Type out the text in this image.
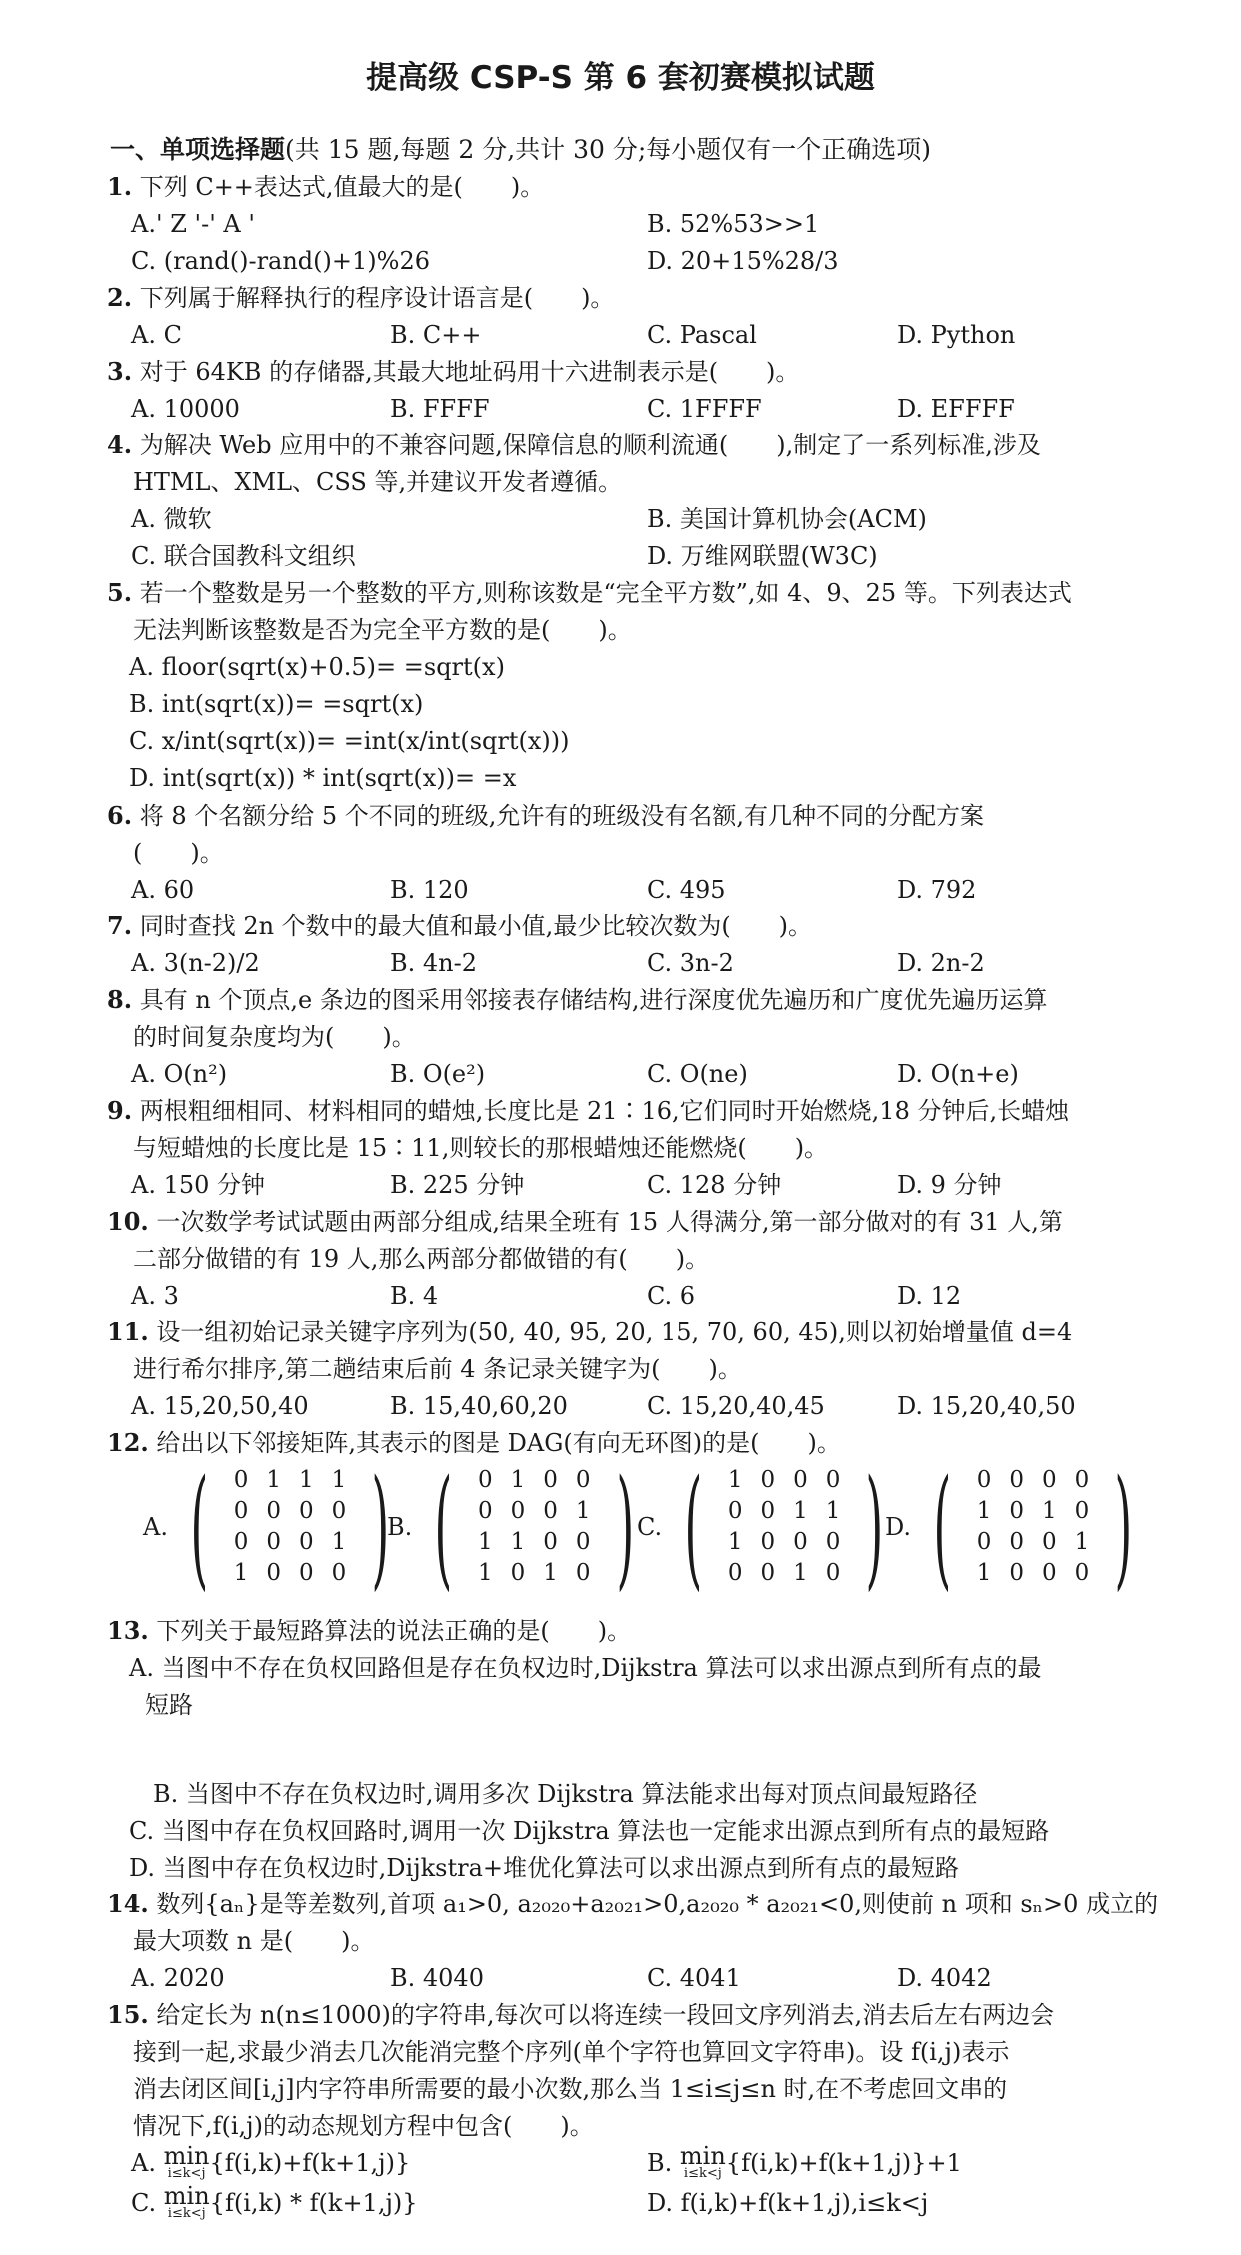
提高级 CSP-S 第 6 套初赛模拟试题
一、单项选择题(共 15 题,每题 2 分,共计 30 分;每小题仅有一个正确选项)
1. 下列 C++表达式,值最大的是(　　)。
A.' Z '-' A '	B. 52%53>>1
C. (rand()-rand()+1)%26	D. 20+15%28/3
2. 下列属于解释执行的程序设计语言是(　　)。
A. C	B. C++	C. Pascal	D. Python
3. 对于 64KB 的存储器,其最大地址码用十六进制表示是(　　)。
A. 10000	B. FFFF	C. 1FFFF	D. EFFFF
4. 为解决 Web 应用中的不兼容问题,保障信息的顺利流通(　　),制定了一系列标准,涉及
HTML、XML、CSS 等,并建议开发者遵循。
A. 微软	B. 美国计算机协会(ACM)
C. 联合国教科文组织	D. 万维网联盟(W3C)
5. 若一个整数是另一个整数的平方,则称该数是“完全平方数”,如 4、9、25 等。下列表达式
无法判断该整数是否为完全平方数的是(　　)。
A. floor(sqrt(x)+0.5)= =sqrt(x)
B. int(sqrt(x))= =sqrt(x)
C. x/int(sqrt(x))= =int(x/int(sqrt(x)))
D. int(sqrt(x)) * int(sqrt(x))= =x
6. 将 8 个名额分给 5 个不同的班级,允许有的班级没有名额,有几种不同的分配方案
(　　)。
A. 60	B. 120	C. 495	D. 792
7. 同时查找 2n 个数中的最大值和最小值,最少比较次数为(　　)。
A. 3(n-2)/2	B. 4n-2	C. 3n-2	D. 2n-2
8. 具有 n 个顶点,e 条边的图采用邻接表存储结构,进行深度优先遍历和广度优先遍历运算
的时间复杂度均为(　　)。
A. O(n²)	B. O(e²)	C. O(ne)	D. O(n+e)
9. 两根粗细相同、材料相同的蜡烛,长度比是 21∶16,它们同时开始燃烧,18 分钟后,长蜡烛
与短蜡烛的长度比是 15∶11,则较长的那根蜡烛还能燃烧(　　)。
A. 150 分钟	B. 225 分钟	C. 128 分钟	D. 9 分钟
10. 一次数学考试试题由两部分组成,结果全班有 15 人得满分,第一部分做对的有 31 人,第
二部分做错的有 19 人,那么两部分都做错的有(　　)。
A. 3	B. 4	C. 6	D. 12
11. 设一组初始记录关键字序列为(50, 40, 95, 20, 15, 70, 60, 45),则以初始增量值 d=4
进行希尔排序,第二趟结束后前 4 条记录关键字为(　　)。
A. 15,20,50,40	B. 15,40,60,20	C. 15,20,40,45	D. 15,20,40,50
12. 给出以下邻接矩阵,其表示的图是 DAG(有向无环图)的是(　　)。
A. ( 0	1	1	1
0	0	0	0
0	0	0	1
1	0	0	0 )
B. ( 0	1	0	0
0	0	0	1
1	1	0	0
1	0	1	0 ) C. ( 1	0	0	0
0	0	1	1
1	0	0	0
0	0	1	0 ) D. ( 0	0	0	0
1	0	1	0
0	0	0	1
1	0	0	0 )
13. 下列关于最短路算法的说法正确的是(　　)。
A. 当图中不存在负权回路但是存在负权边时,Dijkstra 算法可以求出源点到所有点的最
短路
B. 当图中不存在负权边时,调用多次 Dijkstra 算法能求出每对顶点间最短路径
C. 当图中存在负权回路时,调用一次 Dijkstra 算法也一定能求出源点到所有点的最短路
D. 当图中存在负权边时,Dijkstra+堆优化算法可以求出源点到所有点的最短路
14. 数列{aₙ}是等差数列,首项 a₁>0, a₂₀₂₀+a₂₀₂₁>0,a₂₀₂₀ * a₂₀₂₁<0,则使前 n 项和 sₙ>0 成立的
最大项数 n 是(　　)。
A. 2020	B. 4040	C. 4041	D. 4042
15. 给定长为 n(n≤1000)的字符串,每次可以将连续一段回文序列消去,消去后左右两边会
接到一起,求最少消去几次能消完整个序列(单个字符也算回文字符串)。设 f(i,j)表示
消去闭区间[i,j]内字符串所需要的最小次数,那么当 1≤i≤j≤n 时,在不考虑回文串的
情况下,f(i,j)的动态规划方程中包含(　　)。
A. min
i≤k<j {f(i,k)+f(k+1,j)}	B. min
i≤k<j {f(i,k)+f(k+1,j)}+1
C. min
i≤k<j {f(i,k) * f(k+1,j)}	D. f(i,k)+f(k+1,j),i≤k<j
